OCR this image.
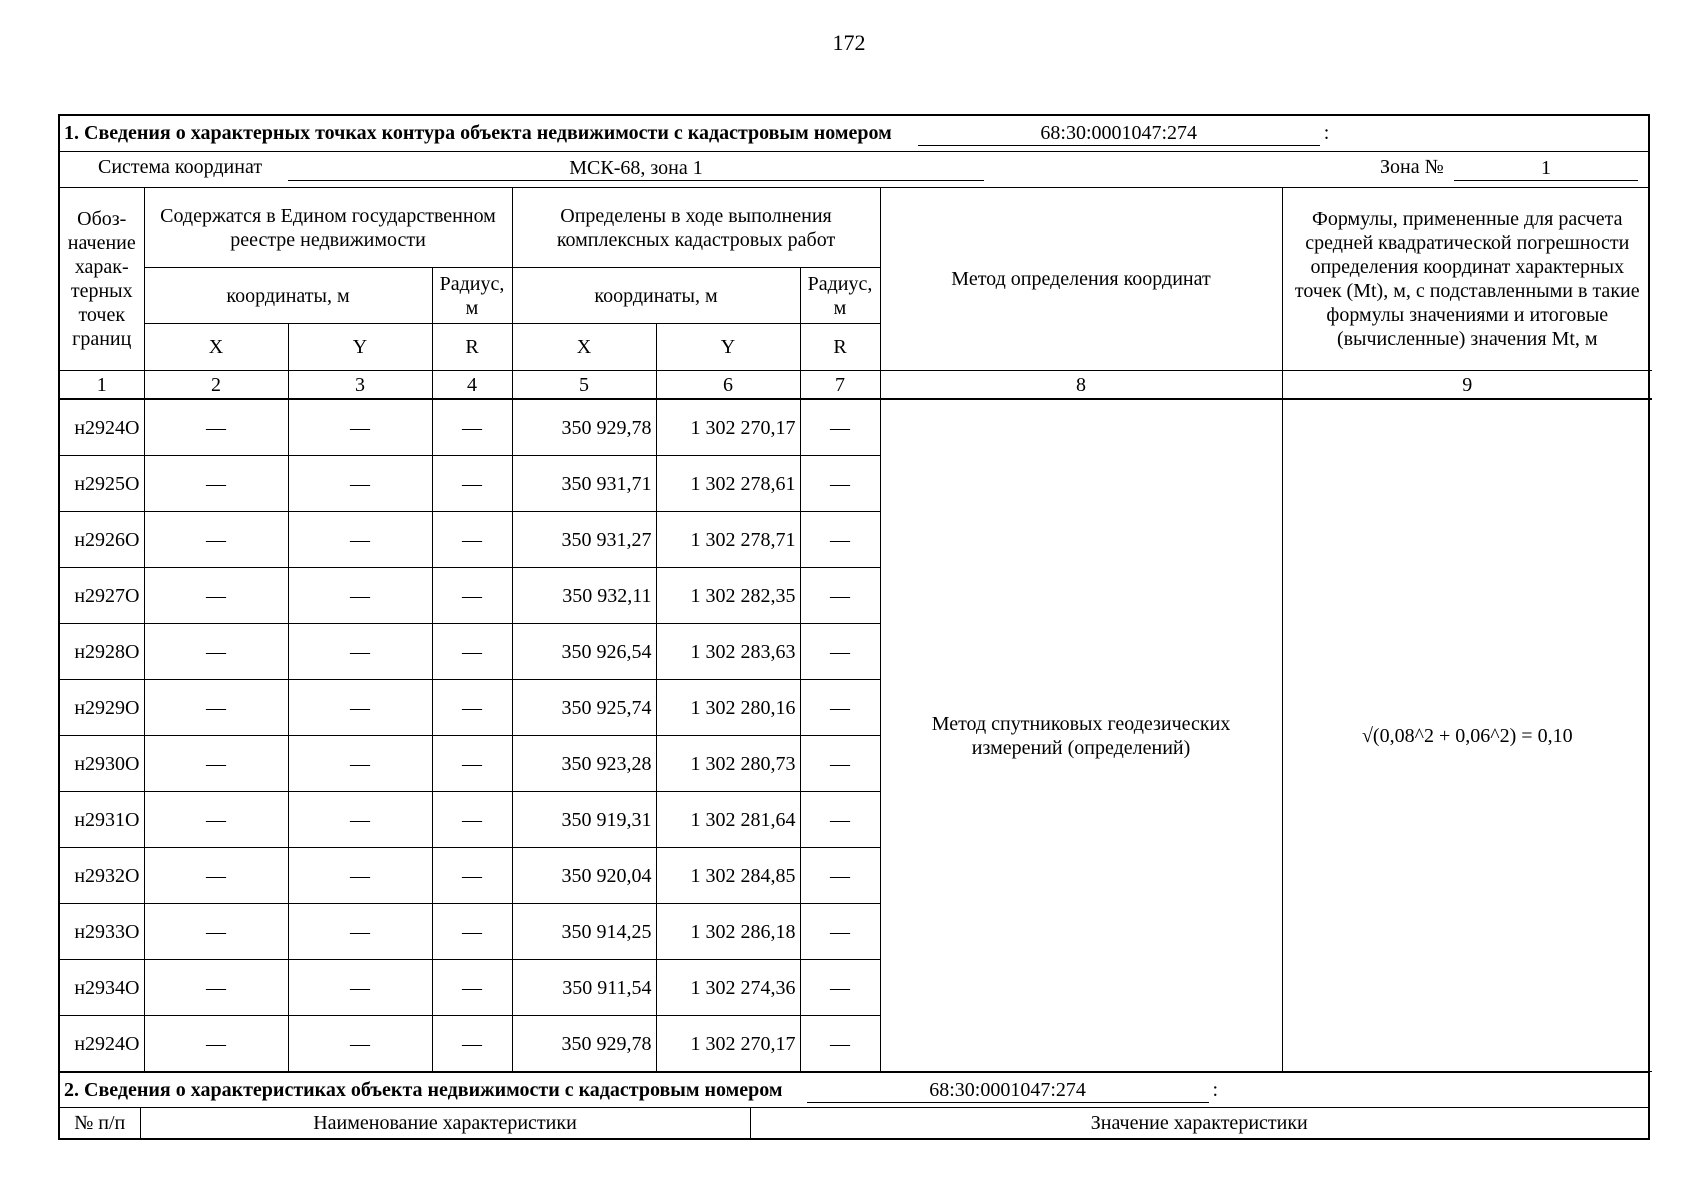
172
1. Сведения о характерных точках контура объекта недвижимости с кадастровым номером	68:30:0001047:274	:
Система координат	МСК-68, зона 1	Зона №	1
Обоз-начение харак-терных точек границ	Содержатся в Едином государственном реестре недвижимости			Определены в ходе выполнения комплексных кадастровых работ			Метод определения координат	Формулы, примененные для расчета средней квадратической погрешности определения координат характерных точек (Mt), м, с подставленными в такие формулы значениями и итоговые (вычисленные) значения Mt, м
	координаты, м		Радиус, м	координаты, м		Радиус, м		
	X	Y	R	X	Y	R		
1	2	3	4	5	6	7	8	9
н2924О	—	—	—	350 929,78	1 302 270,17	—	Метод спутниковых геодезических измерений (определений)	√(0,08^2 + 0,06^2) = 0,10
н2925О	—	—	—	350 931,71	1 302 278,61	—		
н2926О	—	—	—	350 931,27	1 302 278,71	—		
н2927О	—	—	—	350 932,11	1 302 282,35	—		
н2928О	—	—	—	350 926,54	1 302 283,63	—		
н2929О	—	—	—	350 925,74	1 302 280,16	—		
н2930О	—	—	—	350 923,28	1 302 280,73	—		
н2931О	—	—	—	350 919,31	1 302 281,64	—		
н2932О	—	—	—	350 920,04	1 302 284,85	—		
н2933О	—	—	—	350 914,25	1 302 286,18	—		
н2934О	—	—	—	350 911,54	1 302 274,36	—		
н2924О	—	—	—	350 929,78	1 302 270,17	—		
2. Сведения о характеристиках объекта недвижимости с кадастровым номером	68:30:0001047:274	:
№ п/п	Наименование характеристики	Значение характеристики
